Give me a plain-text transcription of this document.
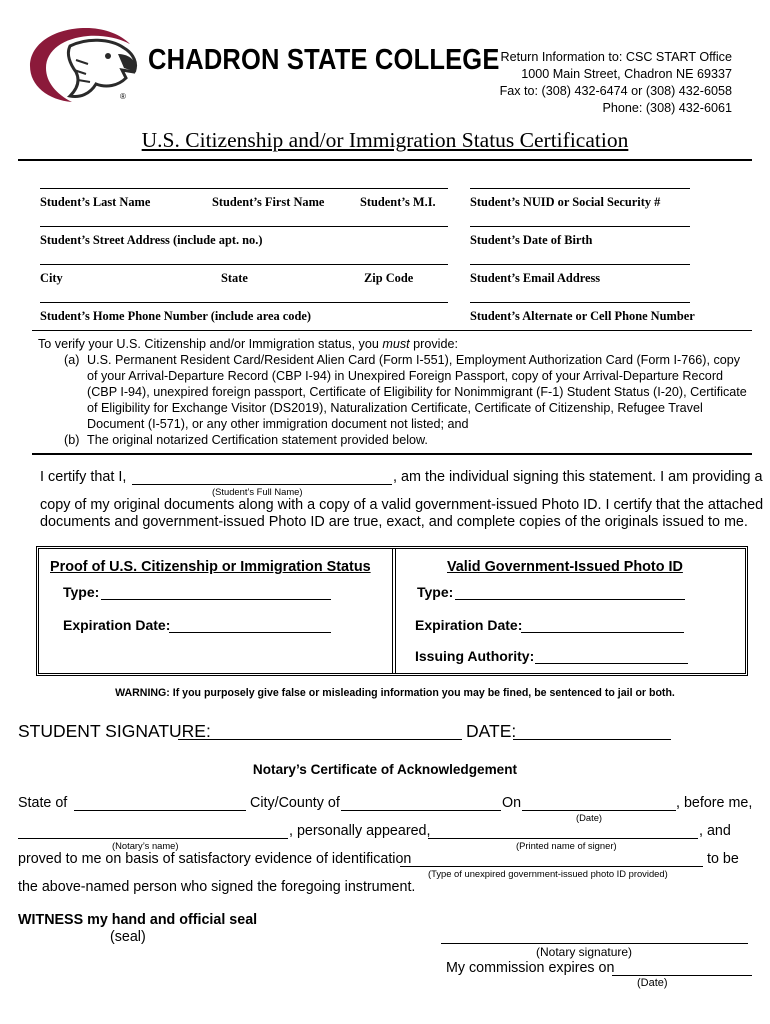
®
CHADRON STATE COLLEGE Return Information to: CSC START Office
1000 Main Street, Chadron NE 69337
Fax to: (308) 432-6474 or (308) 432-6058
Phone: (308) 432-6061
U.S. Citizenship and/or Immigration Status Certification
Student’s Last Name	Student’s First Name	Student’s M.I.	Student’s NUID or Social Security #
Student’s Street Address (include apt. no.)	Student’s Date of Birth
City	State	Zip Code	Student’s Email Address
Student’s Home Phone Number (include area code)	Student’s Alternate or Cell Phone Number
To verify your U.S. Citizenship and/or Immigration status, you must provide:
(a) U.S. Permanent Resident Card/Resident Alien Card (Form I-551), Employment Authorization Card (Form I-766), copy
of your Arrival-Departure Record (CBP I-94) in Unexpired Foreign Passport, copy of your Arrival-Departure Record
(CBP I-94), unexpired foreign passport, Certificate of Eligibility for Nonimmigrant (F-1) Student Status (I-20), Certificate
of Eligibility for Exchange Visitor (DS2019), Naturalization Certificate, Certificate of Citizenship, Refugee Travel
Document (I-571), or any other immigration document not listed; and
(b) The original notarized Certification statement provided below.
I certify that I,	, am the individual signing this statement. I am providing a
(Student’s Full Name)
copy of my original documents along with a copy of a valid government-issued Photo ID. I certify that the attached
documents and government-issued Photo ID are true, exact, and complete copies of the originals issued to me.
Proof of U.S. Citizenship or Immigration Status	Valid Government-Issued Photo ID
Type:	Type:
Expiration Date:	Expiration Date:
Issuing Authority:
WARNING: If you purposely give false or misleading information you may be fined, be sentenced to jail or both.
STUDENT SIGNATURE:	DATE:
Notary’s Certificate of Acknowledgement
State of	City/County of	On	, before me,
(Date)
, personally appeared,	, and
(Notary’s name)	(Printed name of signer)
proved to me on basis of satisfactory evidence of identification	to be
(Type of unexpired government-issued photo ID provided)
the above-named person who signed the foregoing instrument.
WITNESS my hand and official seal
(seal)
(Notary signature)
My commission expires on
(Date)
